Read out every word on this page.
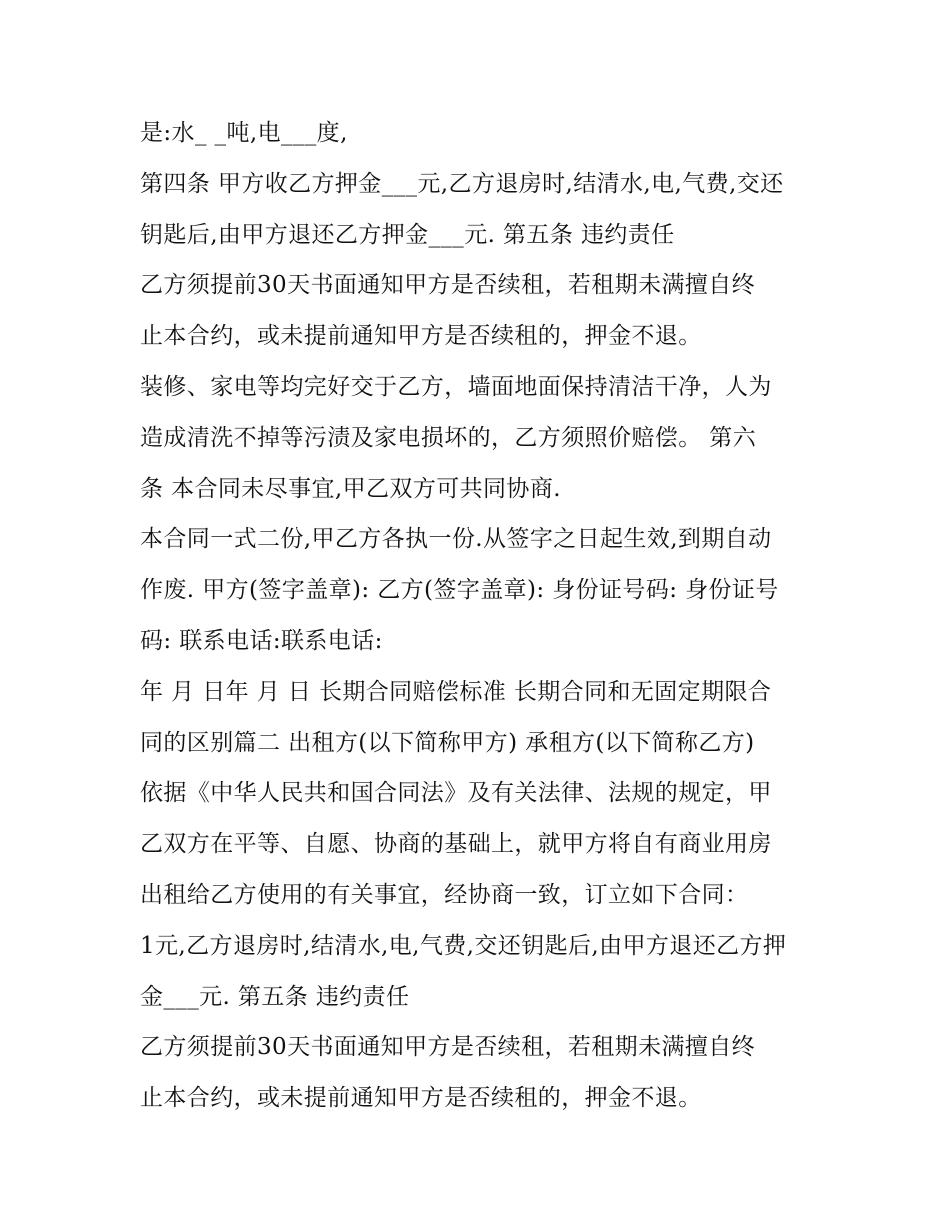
是:水_ _吨,电___度,
第四条 甲方收乙方押金___元,乙方退房时,结清水,电,气费,交还
钥匙后,由甲方退还乙方押金___元. 第五条 违约责任
乙方须提前30天书面通知甲方是否续租，若租期未满擅自终
止本合约，或未提前通知甲方是否续租的，押金不退。
装修、家电等均完好交于乙方，墙面地面保持清洁干净，人为
造成清洗不掉等污渍及家电损坏的，乙方须照价赔偿。 第六
条 本合同未尽事宜,甲乙双方可共同协商.
本合同一式二份,甲乙方各执一份.从签字之日起生效,到期自动
作废. 甲方(签字盖章): 乙方(签字盖章): 身份证号码: 身份证号
码: 联系电话:联系电话:
年 月 日年 月 日 长期合同赔偿标准 长期合同和无固定期限合
同的区别篇二 出租方(以下简称甲方) 承租方(以下简称乙方)
依据《中华人民共和国合同法》及有关法律、法规的规定，甲
乙双方在平等、自愿、协商的基础上，就甲方将自有商业用房
出租给乙方使用的有关事宜，经协商一致，订立如下合同：
1元,乙方退房时,结清水,电,气费,交还钥匙后,由甲方退还乙方押
金___元. 第五条 违约责任
乙方须提前30天书面通知甲方是否续租，若租期未满擅自终
止本合约，或未提前通知甲方是否续租的，押金不退。
